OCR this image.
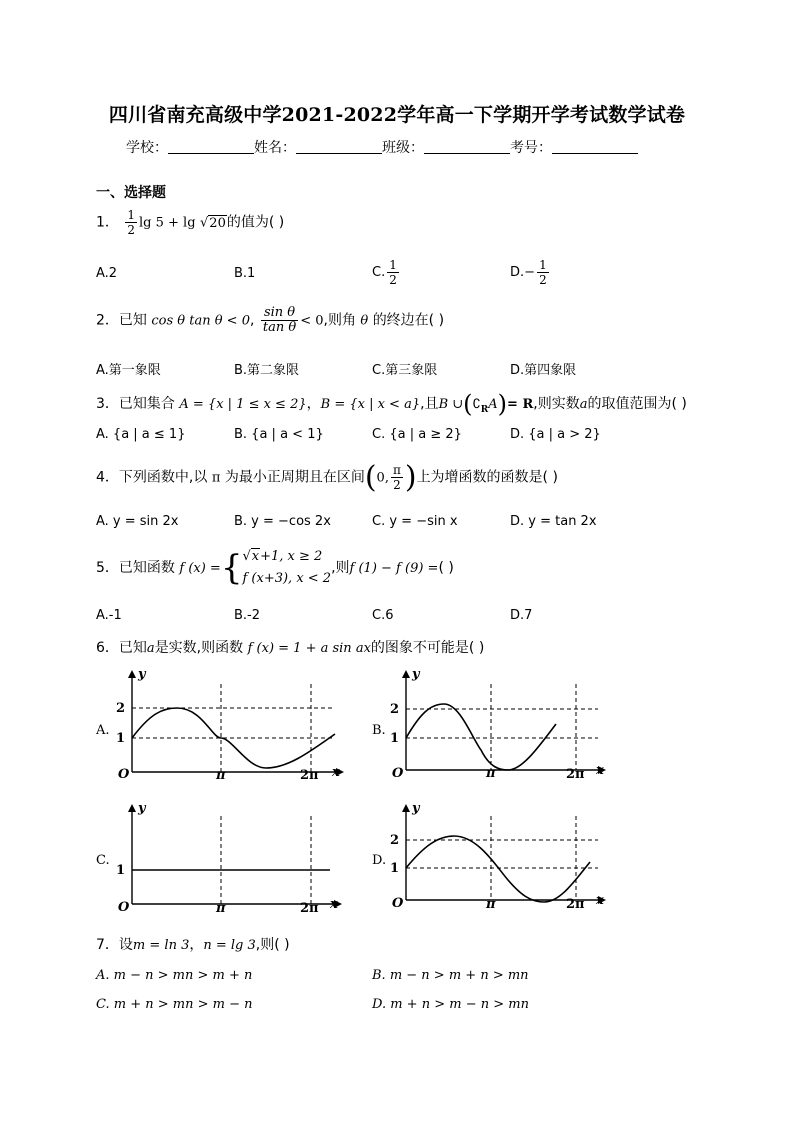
四川省南充高级中学2021-2022学年高一下学期开学考试数学试卷
学校：	姓名：	班级：	考号：
一、选择题
1． $\frac{1}{2}$ lg 5 + lg √20的值为( )
A.2	B.1	C. $\frac{1}{2}$	$D.- \frac{1}{2}$
2．已知 cos θ tan θ < 0, $\frac{\text{sin θ}}{\text{tan θ}} < 0$,则角 θ 的终边在( )
A.第一象限	B.第二象限	C.第三象限	D.第四象限
3．已知集合 A = {x | 1 ≤ x ≤ 2}，B = {x | x < a},且B $\cup(∁_RA)= R$,则实数a的取值范围为( )
A. {a | a ≤ 1}	B. {a | a < 1}	C. {a | a ≥ 2}	D. {a | a > 2}
4．下列函数中,以 π 为最小正周期且在区间(0, $\frac{\pi}{2}$ )上为增函数的函数是( )
A. y = sin 2x	B. y = −cos 2x	C. y = −sin x	D. y = tan 2x
5．已知函数 f (x) ={ √x+1, x ≥ 2
f (x+3), x < 2
,则f (1) − f (9) =( )
A.-1	B.-2	C.6	D.7
6．已知a是实数,则函数 f (x) = 1 + a sin ax的图象不可能是( )
A.
y
2
1
O	π	2π x
B.
y
2
1
O	π	2π x
C.
y
1
O	π	2π x
D.
y
2
1
O	π	2π x
7．设m = ln 3，n = lg 3,则( )
A. m − n > mn > m + n	B. m − n > m + n > mn
C. m + n > mn > m − n	D. m + n > m − n > mn
